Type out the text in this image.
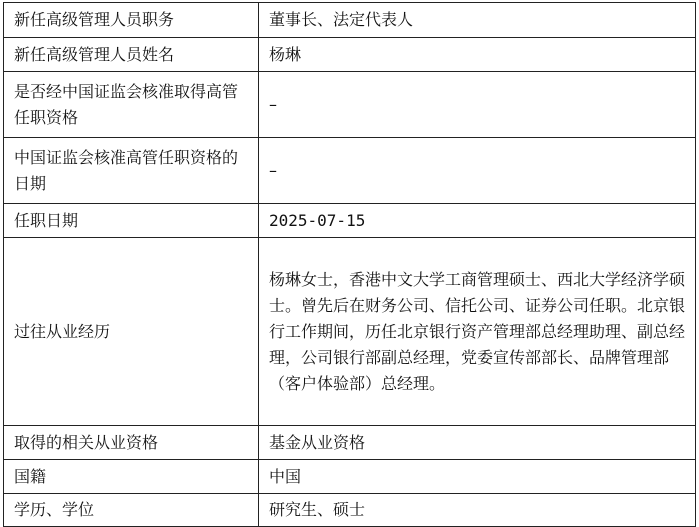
新任高级管理人员职务	董事长、法定代表人
新任高级管理人员姓名	杨琳
是否经中国证监会核准取得高管任职资格	–
中国证监会核准高管任职资格的日期	–
任职日期	2025-07-15
过往从业经历	杨琳女士，香港中文大学工商管理硕士、西北大学经济学硕士。曾先后在财务公司、信托公司、证券公司任职。北京银行工作期间，历任北京银行资产管理部总经理助理、副总经理，公司银行部副总经理，党委宣传部部长、品牌管理部（客户体验部）总经理。
取得的相关从业资格	基金从业资格
国籍	中国
学历、学位	研究生、硕士
